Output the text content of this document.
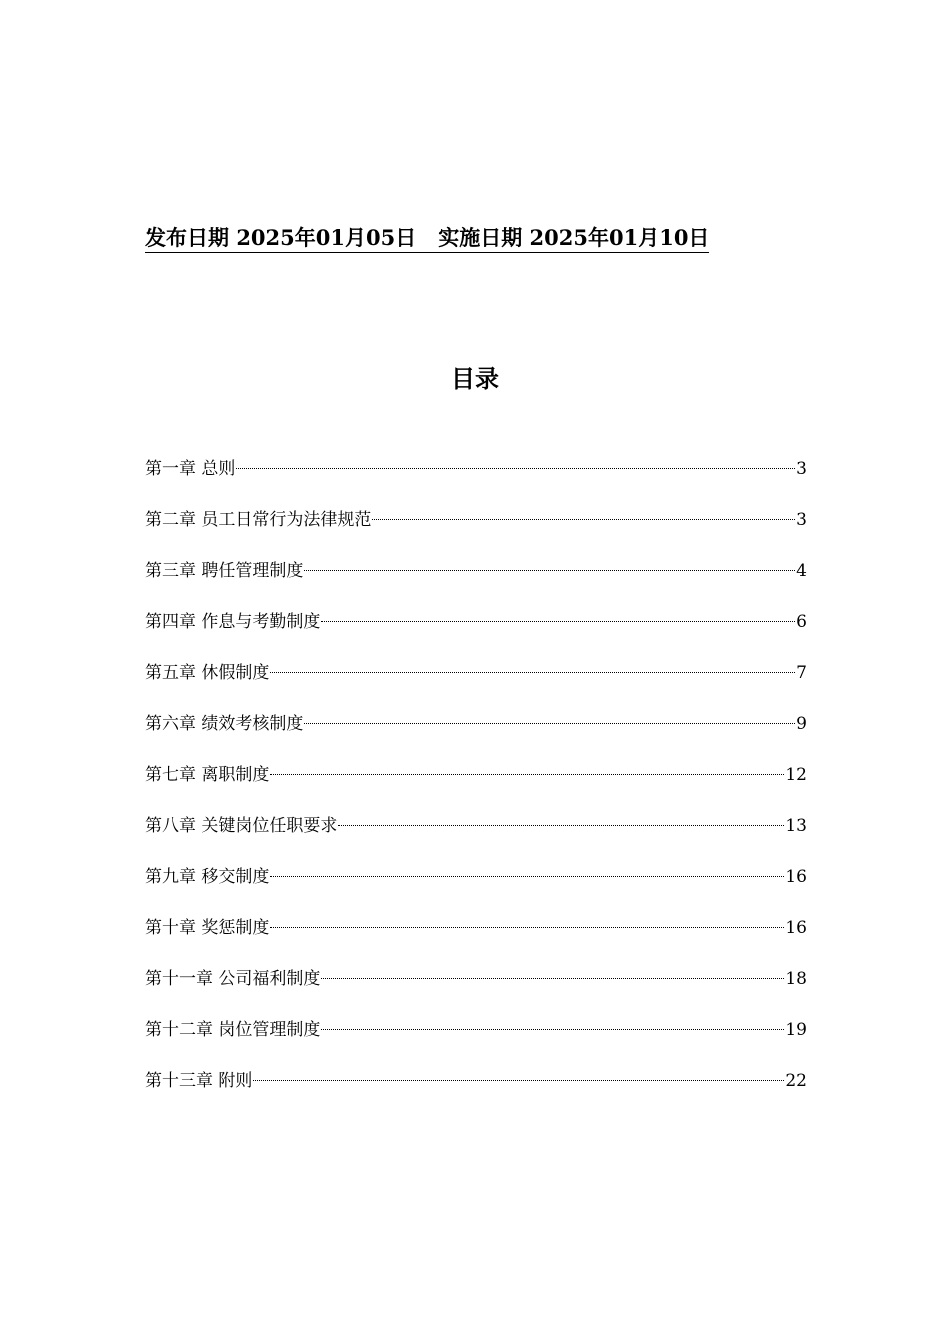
发布日期 2025年01月05日 实施日期 2025年01月10日
目录
第一章 总则	3
第二章 员工日常行为法律规范	3
第三章 聘任管理制度	4
第四章 作息与考勤制度	6
第五章 休假制度	7
第六章 绩效考核制度	9
第七章 离职制度	12
第八章 关键岗位任职要求	13
第九章 移交制度	16
第十章 奖惩制度	16
第十一章 公司福利制度	18
第十二章 岗位管理制度	19
第十三章 附则	22
